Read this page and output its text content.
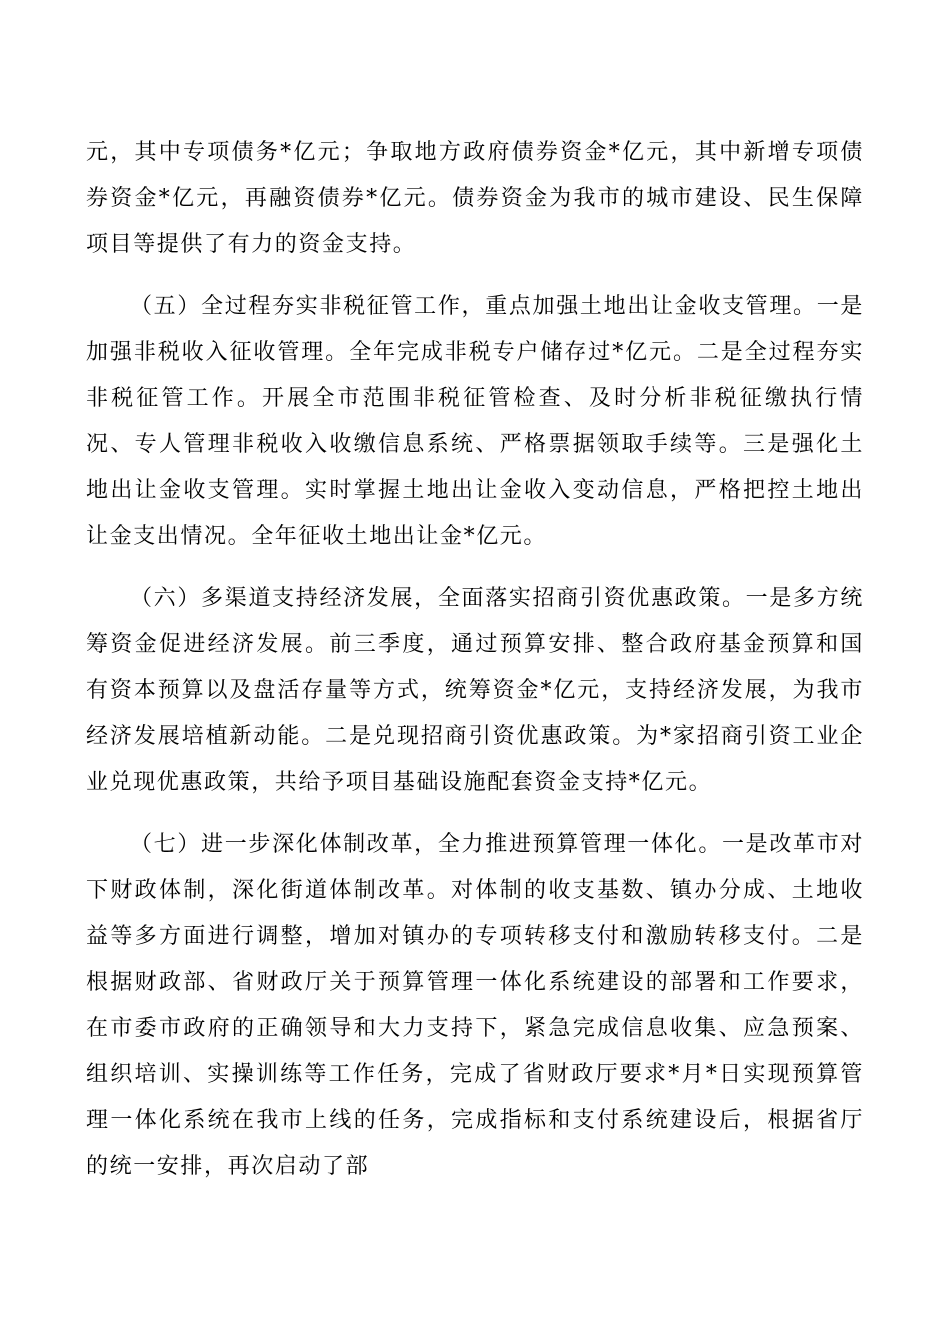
元，其中专项债务*亿元；争取地方政府债券资金*亿元，其中新增专项债券资金*亿元，再融资债券*亿元。债券资金为我市的城市建设、民生保障项目等提供了有力的资金支持。

（五）全过程夯实非税征管工作，重点加强土地出让金收支管理。一是加强非税收入征收管理。全年完成非税专户储存过*亿元。二是全过程夯实非税征管工作。开展全市范围非税征管检查、及时分析非税征缴执行情况、专人管理非税收入收缴信息系统、严格票据领取手续等。三是强化土地出让金收支管理。实时掌握土地出让金收入变动信息，严格把控土地出让金支出情况。全年征收土地出让金*亿元。

（六）多渠道支持经济发展，全面落实招商引资优惠政策。一是多方统筹资金促进经济发展。前三季度，通过预算安排、整合政府基金预算和国有资本预算以及盘活存量等方式，统筹资金*亿元，支持经济发展，为我市经济发展培植新动能。二是兑现招商引资优惠政策。为*家招商引资工业企业兑现优惠政策，共给予项目基础设施配套资金支持*亿元。

（七）进一步深化体制改革，全力推进预算管理一体化。一是改革市对下财政体制，深化街道体制改革。对体制的收支基数、镇办分成、土地收益等多方面进行调整，增加对镇办的专项转移支付和激励转移支付。二是根据财政部、省财政厅关于预算管理一体化系统建设的部署和工作要求，在市委市政府的正确领导和大力支持下，紧急完成信息收集、应急预案、组织培训、实操训练等工作任务，完成了省财政厅要求*月*日实现预算管理一体化系统在我市上线的任务，完成指标和支付系统建设后，根据省厅的统一安排，再次启动了部
